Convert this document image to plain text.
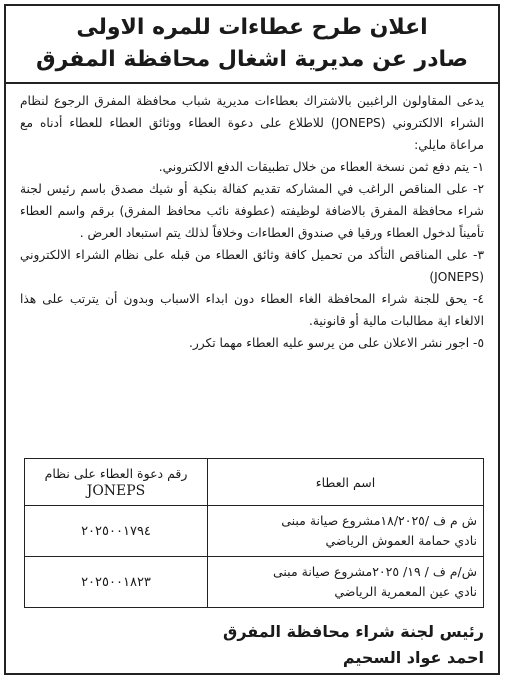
اعلان طرح عطاءات للمره الاولى
صادر عن مديرية اشغال محافظة المفرق

يدعى المقاولون الراغبين بالاشتراك بعطاءات مديرية شباب محافظة المفرق الرجوع لنظام الشراء الالكتروني (JONEPS) للاطلاع على دعوة العطاء ووثائق العطاء للعطاء أدناه مع مراعاة مايلي:

١- يتم دفع ثمن نسخة العطاء من خلال تطبيقات الدفع الالكتروني.

٢- على المناقص الراغب في المشاركه تقديم كفالة بنكية أو شيك مصدق باسم رئيس لجنة شراء محافظة المفرق بالاضافة لوظيفته (عطوفة نائب محافظ المفرق) برقم واسم العطاء تأميناً لدخول العطاء ورقيا في صندوق العطاءات وخلافاً لذلك يتم استبعاد العرض .

٣- على المناقص التأكد من تحميل كافة وثائق العطاء من قبله على نظام الشراء الالكتروني (JONEPS)

٤- يحق للجنة شراء المحافظة الغاء العطاء دون ابداء الاسباب وبدون أن يترتب على هذا الالغاء اية مطالبات مالية أو قانونية.

٥- اجور نشر الاعلان على من يرسو عليه العطاء مهما تكرر.

اسم العطاء	رقم دعوة العطاء على نظام
JONEPS

ش م ف /١٨/٢٠٢٥مشروع صيانة مبنى
نادي حمامة العموش الرياضي	٢٠٢٥٠٠١٧٩٤

ش/م ف / ١٩/ ٢٠٢٥مشروع صيانة مبنى
نادي عين المعمرية الرياضي	٢٠٢٥٠٠١٨٢٣
رئيس لجنة شراء محافظة المفرق
احمد عواد السحيم
